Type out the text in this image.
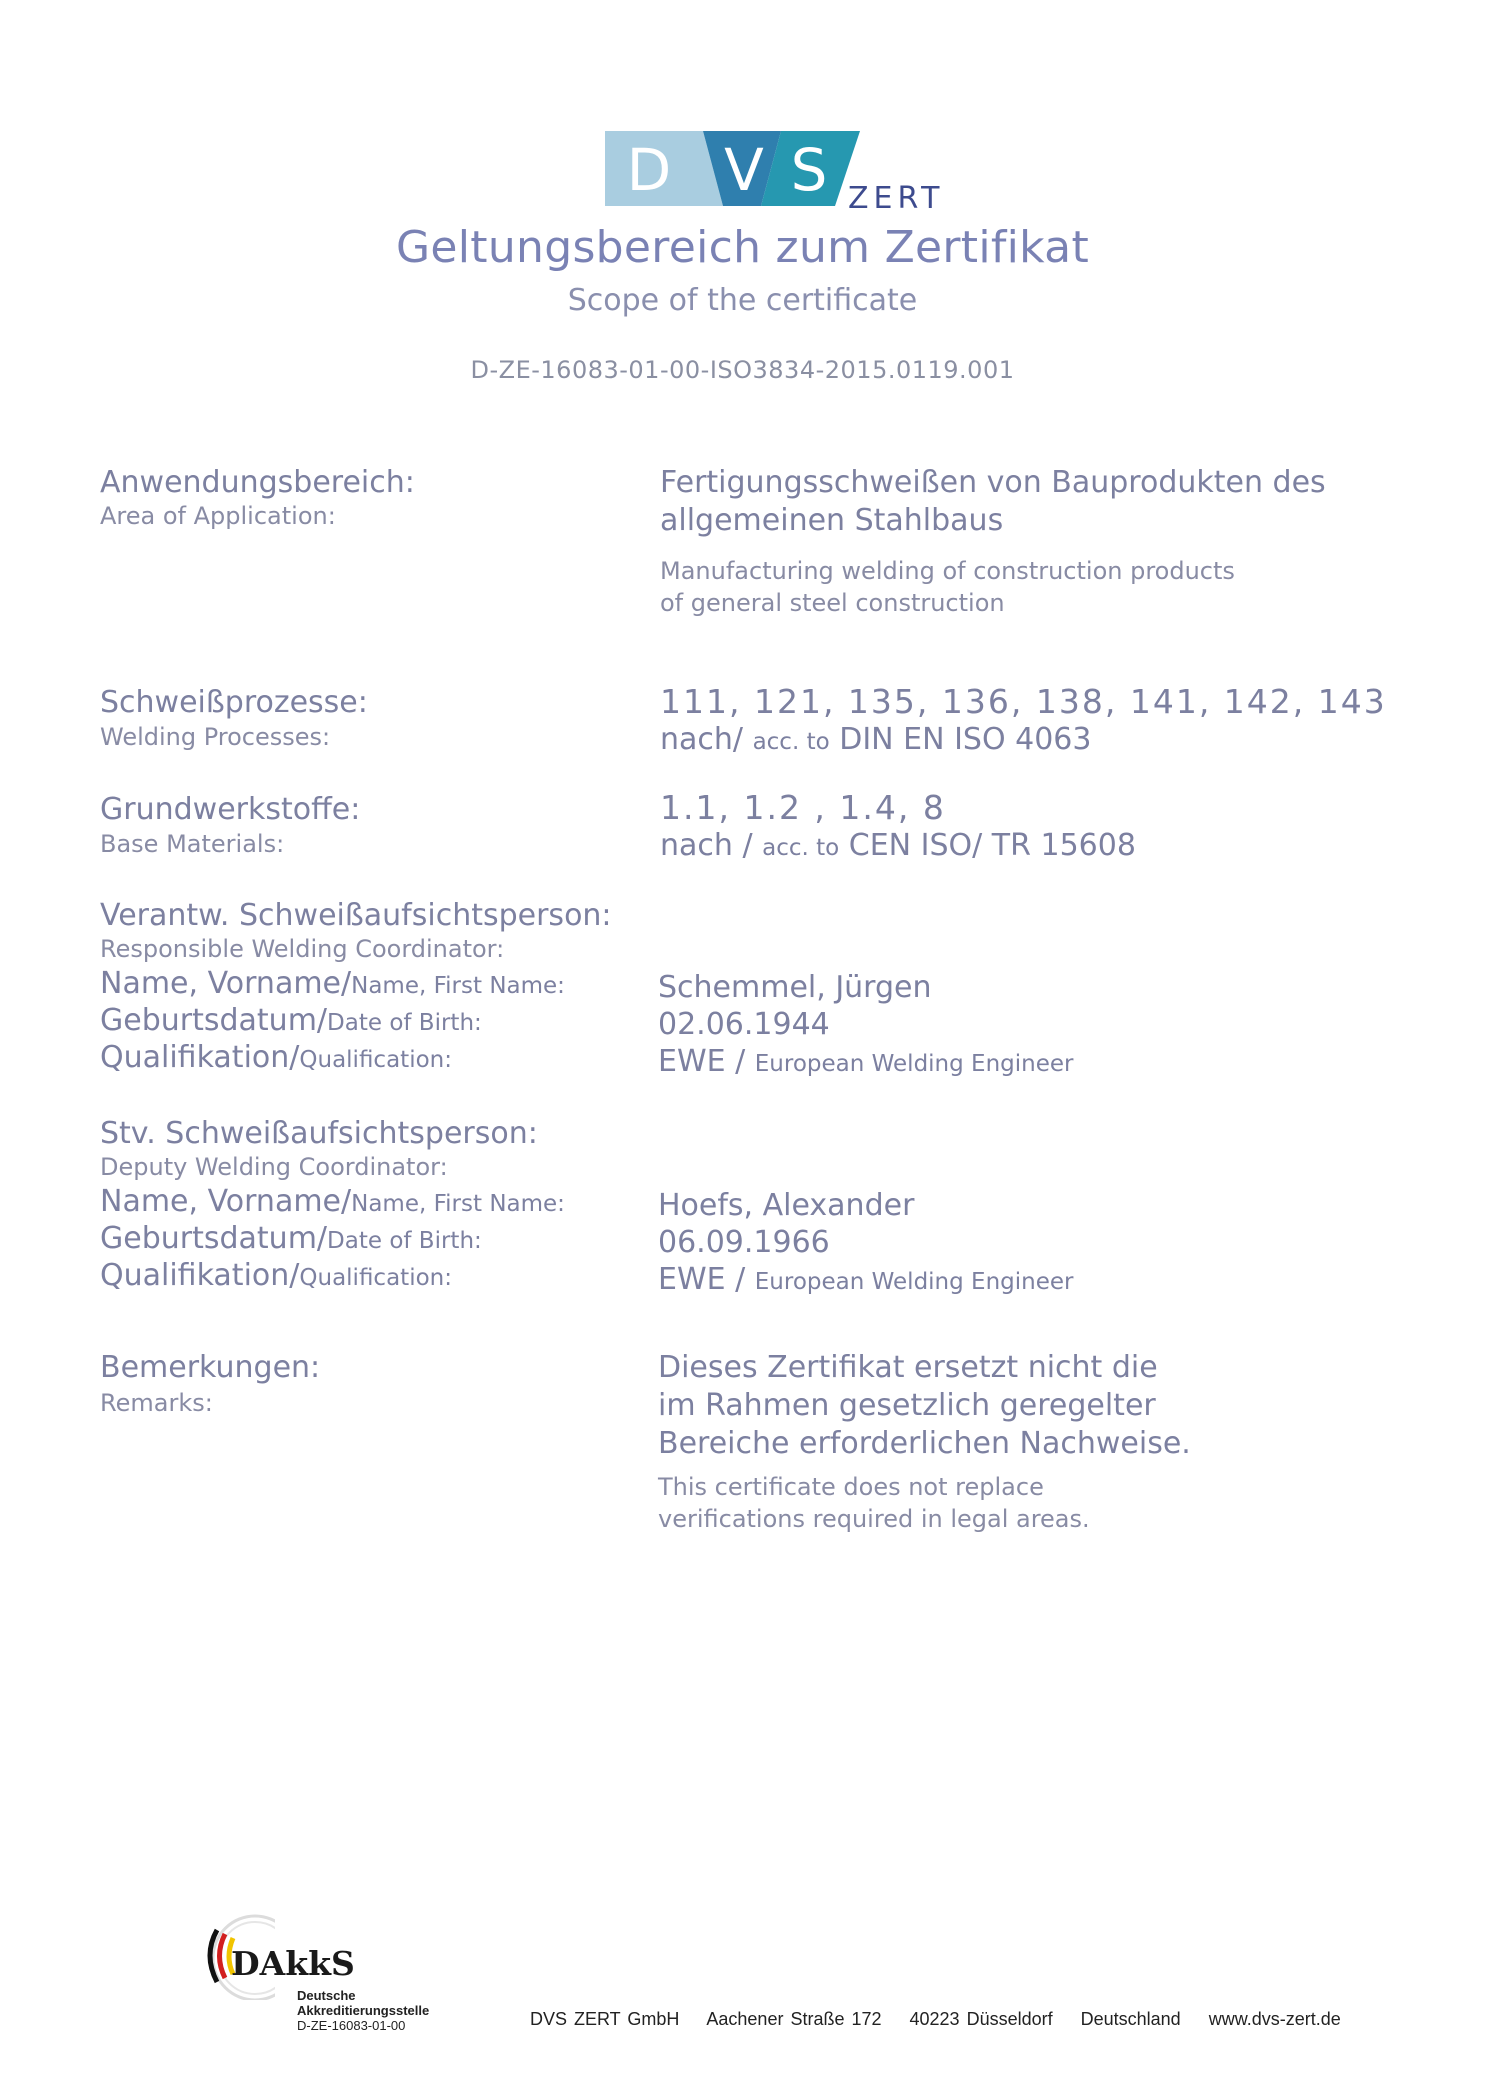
D V S ZERT
Geltungsbereich zum Zertifikat
Scope of the certificate
D-ZE-16083-01-00-ISO3834-2015.0119.001
Anwendungsbereich:
Area of Application:
Fertigungsschweißen von Bauprodukten des
allgemeinen Stahlbaus
Manufacturing welding of construction products
of general steel construction
Schweißprozesse:
Welding Processes:
111, 121, 135, 136, 138, 141, 142, 143
nach/ acc. to DIN EN ISO 4063
Grundwerkstoffe:
Base Materials:
1.1, 1.2 , 1.4, 8
nach / acc. to CEN ISO/ TR 15608
Verantw. Schweißaufsichtsperson:
Responsible Welding Coordinator:
Name, Vorname/Name, First Name:
Geburtsdatum/Date of Birth:
Qualifikation/Qualification:
Schemmel, Jürgen
02.06.1944
EWE / European Welding Engineer
Stv. Schweißaufsichtsperson:
Deputy Welding Coordinator:
Name, Vorname/Name, First Name:
Geburtsdatum/Date of Birth:
Qualifikation/Qualification:
Hoefs, Alexander
06.09.1966
EWE / European Welding Engineer
Bemerkungen:
Remarks:
Dieses Zertifikat ersetzt nicht die
im Rahmen gesetzlich geregelter
Bereiche erforderlichen Nachweise.
This certificate does not replace
verifications required in legal areas.
DAkkS
Deutsche
Akkreditierungsstelle
D-ZE-16083-01-00	DVS ZERT GmbH Aachener Straße 172 40223 Düsseldorf Deutschland www.dvs-zert.de
